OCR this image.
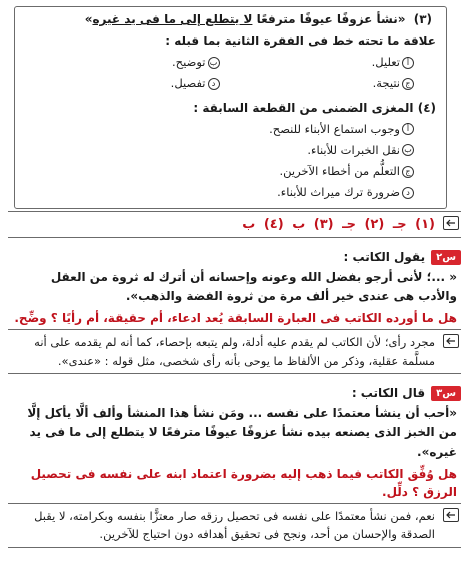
(٣) «نشأ عزوفًا عيوفًا مترفعًا لا يتطلع إلى ما فى يد غيره»
علاقة ما تحته خط فى الفقرة الثانية بما قبله :
أتعليل.
بتوضيح.
جنتيجة.
دتفصيل.
(٤) المغزى الضمنى من القطعة السابقة :
أوجوب استماع الأبناء للنصح.
بنقل الخبرات للأبناء.
جالتعلُّم من أخطاء الآخرين.
دضرورة ترك ميراث للأبناء.
(١) جـ (٢) جـ (٣) ب (٤) ب
س٢
يقول الكاتب :
« ...؛ لأنى أرجو بفضل الله وعونه وإحسانه أن أترك له ثروة من العقل والأدب هى عندى خير ألف مرة من ثروة الفضة والذهب».
هل ما أورده الكاتب فى العبارة السابقة يُعد ادعاء، أم حقيقة، أم رأيًا ؟ وضِّح.
مجرد رأى؛ لأن الكاتب لم يقدم عليه أدلة، ولم يتبعه بإحصاء، كما أنه لم يقدمه على أنه مسلَّمة عقلية، وذكر من الألفاظ ما يوحى بأنه رأى شخصى، مثل قوله : «عندى».
س٣
قال الكاتب :
«أحب أن ينشأ معتمدًا على نفسه ... ومَن نشأ هذا المنشأ وألف ألَّا يأكل إلَّا من الخبز الذى يصنعه بيده نشأ عزوفًا عيوفًا مترفعًا لا يتطلع إلى ما فى يد غيره».
هل وُفِّق الكاتب فيما ذهب إليه بضرورة اعتماد ابنه على نفسه فى تحصيل الرزق ؟ دلِّل.
نعم، فمن نشأ معتمدًا على نفسه فى تحصيل رزقه صار معتزًّا بنفسه وبكرامته، لا يقبل الصدقة والإحسان من أحد، ونجح فى تحقيق أهدافه دون احتياج للآخرين.
